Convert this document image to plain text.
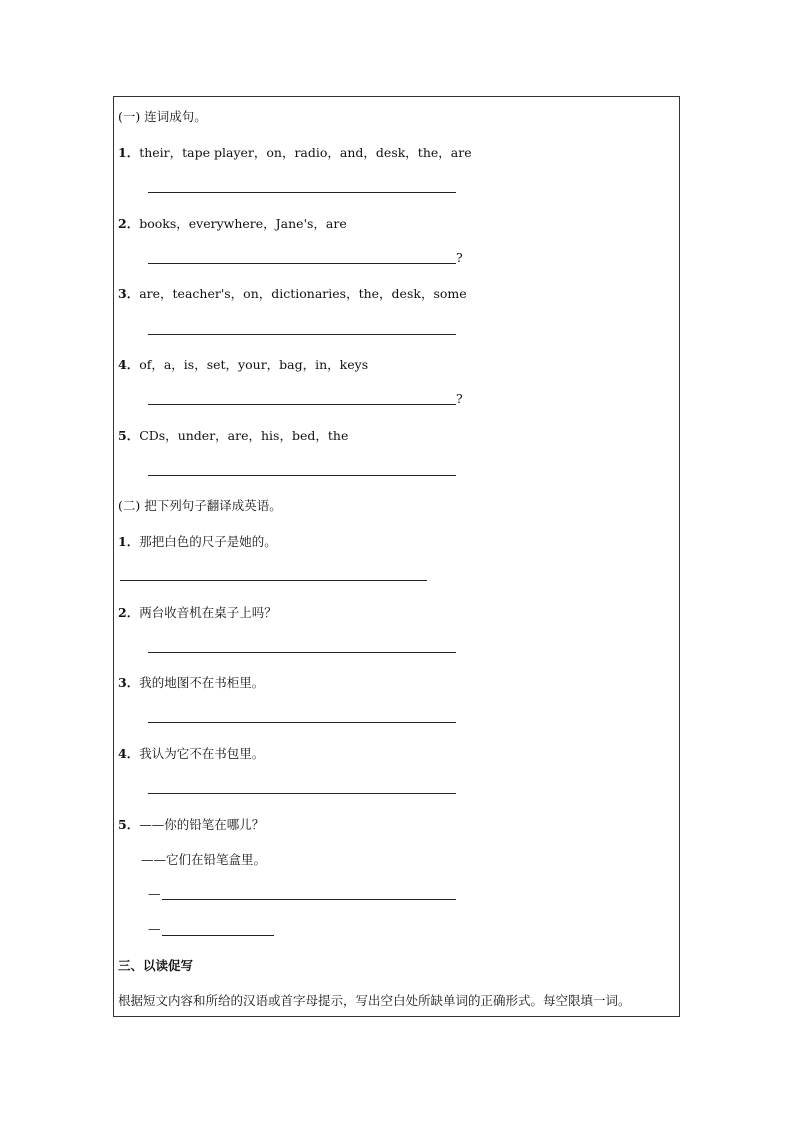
(一) 连词成句。
1．their，tape player，on，radio，and，desk，the，are
2．books，everywhere，Jane's，are
?
3．are，teacher's，on，dictionaries，the，desk，some
4．of，a，is，set，your，bag，in，keys
?
5．CDs，under，are，his，bed，the
(二) 把下列句子翻译成英语。
1．那把白色的尺子是她的。
2．两台收音机在桌子上吗？
3．我的地图不在书柜里。
4．我认为它不在书包里。
5．——你的铅笔在哪儿？
——它们在铅笔盒里。
—
—
三、以读促写
根据短文内容和所给的汉语或首字母提示，写出空白处所缺单词的正确形式。每空限填一词。
